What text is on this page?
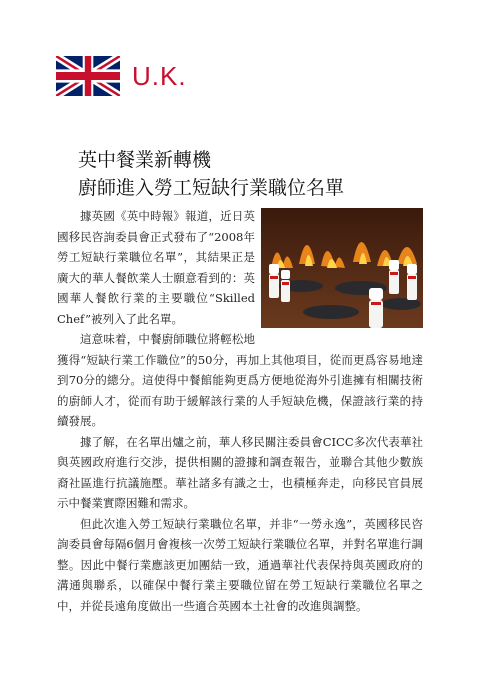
U.K.
英中餐業新轉機
廚師進入勞工短缺行業職位名單

據英國《英中時報》報道，近日英國移民咨詢委員會正式發布了“2008年勞工短缺行業職位名單”，其結果正是廣大的華人餐飲業人士願意看到的：英國華人餐飲行業的主要職位“Skilled Chef”被列入了此名單。

這意味着，中餐廚師職位將輕松地獲得“短缺行業工作職位”的50分，再加上其他項目，從而更爲容易地達到70分的總分。這使得中餐館能夠更爲方便地從海外引進擁有相關技術的廚師人才，從而有助于緩解該行業的人手短缺危機，保證該行業的持續發展。

據了解，在名單出爐之前，華人移民關注委員會CICC多次代表華社與英國政府進行交涉，提供相關的證據和調查報告，並聯合其他少數族裔社區進行抗議施壓。華社諸多有識之士，也積極奔走，向移民官員展示中餐業實際困難和需求。

但此次進入勞工短缺行業職位名單，并非“一勞永逸”，英國移民咨詢委員會每隔6個月會複核一次勞工短缺行業職位名單，并對名單進行調整。因此中餐行業應該更加團結一致，通過華社代表保持與英國政府的溝通與聯系，以確保中餐行業主要職位留在勞工短缺行業職位名單之中，并從長遠角度做出一些適合英國本土社會的改進與調整。
